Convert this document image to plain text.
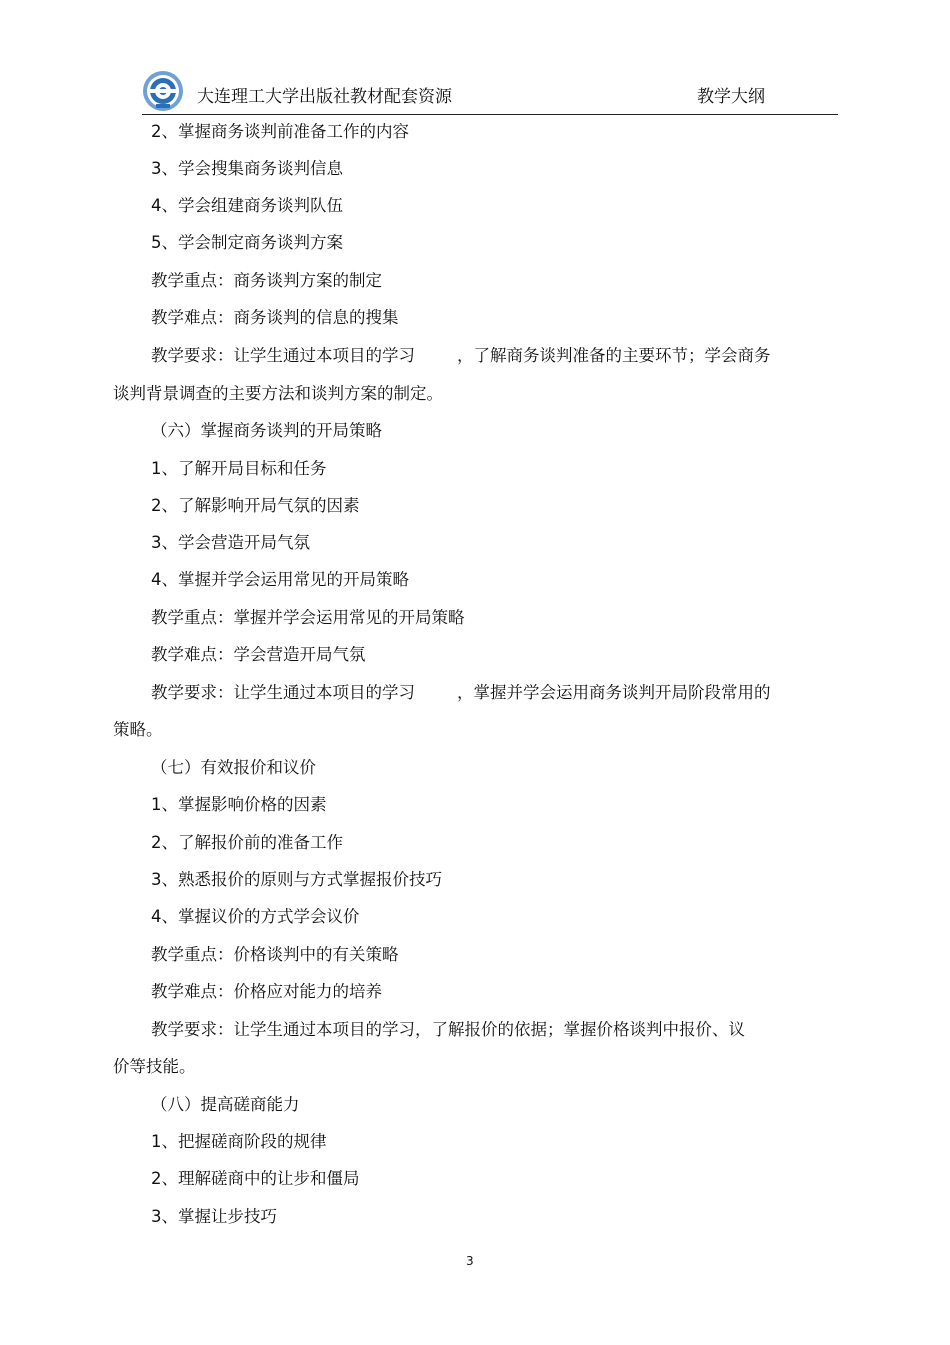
大连理工大学出版社教材配套资源	教学大纲
2、掌握商务谈判前准备工作的内容
3、学会搜集商务谈判信息
4、学会组建商务谈判队伍
5、学会制定商务谈判方案
教学重点：商务谈判方案的制定
教学难点：商务谈判的信息的搜集
教学要求：让学生通过本项目的学习        ，了解商务谈判准备的主要环节；学会商务
谈判背景调查的主要方法和谈判方案的制定。
（六）掌握商务谈判的开局策略
1、了解开局目标和任务
2、了解影响开局气氛的因素
3、学会营造开局气氛
4、掌握并学会运用常见的开局策略
教学重点：掌握并学会运用常见的开局策略
教学难点：学会营造开局气氛
教学要求：让学生通过本项目的学习        ，掌握并学会运用商务谈判开局阶段常用的
策略。
（七）有效报价和议价
1、掌握影响价格的因素
2、了解报价前的准备工作
3、熟悉报价的原则与方式掌握报价技巧
4、掌握议价的方式学会议价
教学重点：价格谈判中的有关策略
教学难点：价格应对能力的培养
教学要求：让学生通过本项目的学习，了解报价的依据；掌握价格谈判中报价、议
价等技能。
（八）提高磋商能力
1、把握磋商阶段的规律
2、理解磋商中的让步和僵局
3、掌握让步技巧
3
